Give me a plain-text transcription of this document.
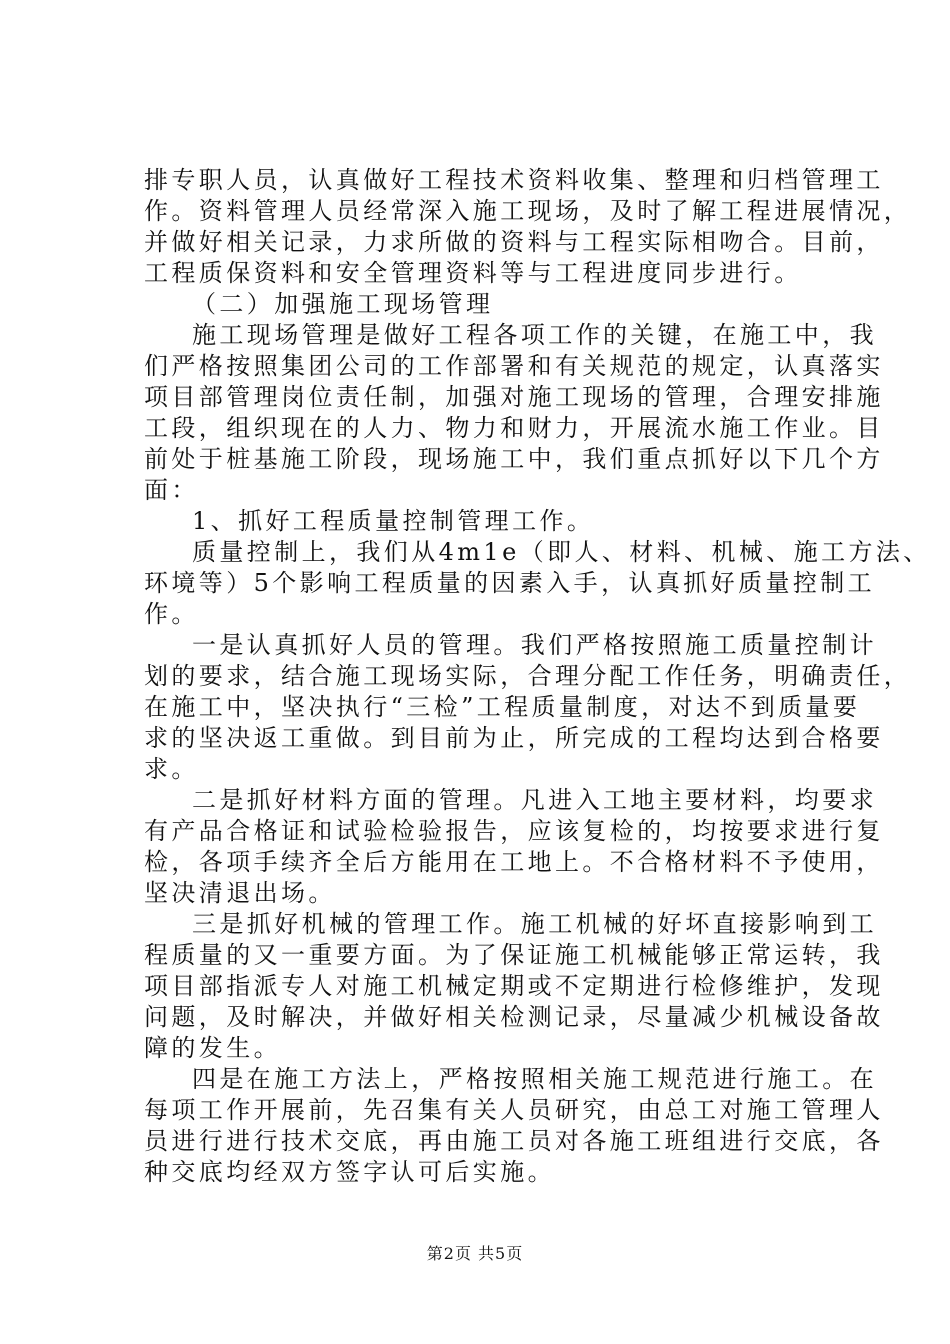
排专职人员，认真做好工程技术资料收集、整理和归档管理工
作。资料管理人员经常深入施工现场，及时了解工程进展情况，
并做好相关记录，力求所做的资料与工程实际相吻合。目前，
工程质保资料和安全管理资料等与工程进度同步进行。
（二）加强施工现场管理
施工现场管理是做好工程各项工作的关键，在施工中，我
们严格按照集团公司的工作部署和有关规范的规定，认真落实
项目部管理岗位责任制，加强对施工现场的管理，合理安排施
工段，组织现在的人力、物力和财力，开展流水施工作业。目
前处于桩基施工阶段，现场施工中，我们重点抓好以下几个方
面：
1、抓好工程质量控制管理工作。
质量控制上，我们从4m1e（即人、材料、机械、施工方法、
环境等）5个影响工程质量的因素入手，认真抓好质量控制工
作。
一是认真抓好人员的管理。我们严格按照施工质量控制计
划的要求，结合施工现场实际，合理分配工作任务，明确责任，
在施工中，坚决执行“三检”工程质量制度，对达不到质量要
求的坚决返工重做。到目前为止，所完成的工程均达到合格要
求。
二是抓好材料方面的管理。凡进入工地主要材料，均要求
有产品合格证和试验检验报告，应该复检的，均按要求进行复
检，各项手续齐全后方能用在工地上。不合格材料不予使用，
坚决清退出场。
三是抓好机械的管理工作。施工机械的好坏直接影响到工
程质量的又一重要方面。为了保证施工机械能够正常运转，我
项目部指派专人对施工机械定期或不定期进行检修维护，发现
问题，及时解决，并做好相关检测记录，尽量减少机械设备故
障的发生。
四是在施工方法上，严格按照相关施工规范进行施工。在
每项工作开展前，先召集有关人员研究，由总工对施工管理人
员进行进行技术交底，再由施工员对各施工班组进行交底，各
种交底均经双方签字认可后实施。
第2页 共5页
